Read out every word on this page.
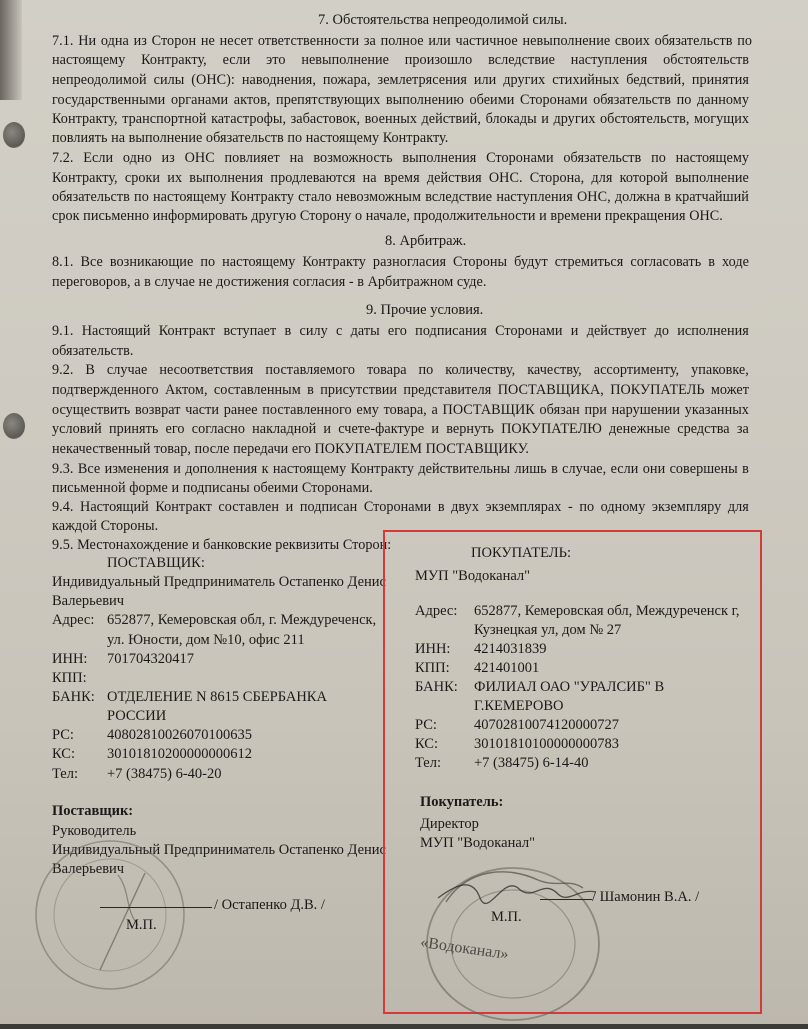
7. Обстоятельства непреодолимой силы.
7.1. Ни одна из Сторон не несет ответственности за полное или частичное невыполнение своих обязательств по
настоящему Контракту, если это невыполнение произошло вследствие наступления обстоятельств
непреодолимой силы (ОНС): наводнения, пожара, землетрясения или других стихийных бедствий, принятия
государственными органами актов, препятствующих выполнению обеими Сторонами обязательств по данному
Контракту, транспортной катастрофы, забастовок, военных действий, блокады и других обстоятельств, могущих
повлиять на выполнение обязательств по настоящему Контракту.
7.2. Если одно из ОНС повлияет на возможность выполнения Сторонами обязательств по настоящему
Контракту, сроки их выполнения продлеваются на время действия ОНС. Сторона, для которой выполнение
обязательств по настоящему Контракту стало невозможным вследствие наступления ОНС, должна в кратчайший
срок письменно информировать другую Сторону о начале, продолжительности и времени прекращения ОНС.
8. Арбитраж.
8.1. Все возникающие по настоящему Контракту разногласия Стороны будут стремиться согласовать в ходе
переговоров, а в случае не достижения согласия - в Арбитражном суде.
9. Прочие условия.
9.1. Настоящий Контракт вступает в силу с даты его подписания Сторонами и действует до исполнения
обязательств.
9.2. В случае несоответствия поставляемого товара по количеству, качеству, ассортименту, упаковке,
подтвержденного Актом, составленным в присутствии представителя ПОСТАВЩИКА, ПОКУПАТЕЛЬ может
осуществить возврат части ранее поставленного ему товара, а ПОСТАВЩИК обязан при нарушении указанных
условий принять его согласно накладной и счете-фактуре и вернуть ПОКУПАТЕЛЮ денежные средства за
некачественный товар, после передачи его ПОКУПАТЕЛЕМ ПОСТАВЩИКУ.
9.3. Все изменения и дополнения к настоящему Контракту действительны лишь в случае, если они совершены в
письменной форме и подписаны обеими Сторонами.
9.4. Настоящий Контракт составлен и подписан Сторонами в двух экземплярах - по одному экземпляру для
каждой Стороны.
9.5. Местонахождение и банковские реквизиты Сторон:
ПОСТАВЩИК:
Индивидуальный Предприниматель Остапенко Денис
Валерьевич
Адрес: 652877, Кемеровская обл, г. Междуреченск,
ул. Юности, дом №10, офис 211
ИНН: 701704320417
КПП:
БАНК: ОТДЕЛЕНИЕ N 8615 СБЕРБАНКА
РОССИИ
РС: 40802810026070100635
КС: 30101810200000000612
Тел: +7 (38475) 6-40-20
Поставщик:
Руководитель
Индивидуальный Предприниматель Остапенко Денис
Валерьевич
/ Остапенко Д.В. /
М.П.
ПОКУПАТЕЛЬ:
МУП "Водоканал"
Адрес: 652877, Кемеровская обл, Междуреченск г,
Кузнецкая ул, дом № 27
ИНН: 4214031839
КПП: 421401001
БАНК: ФИЛИАЛ ОАО "УРАЛСИБ" В
Г.КЕМЕРОВО
РС:	40702810074120000727
КС: 30101810100000000783
Тел: +7 (38475) 6-14-40
Покупатель:
Директор
МУП "Водоканал"
«Водоканал»
/ Шамонин В.А. /
М.П.
